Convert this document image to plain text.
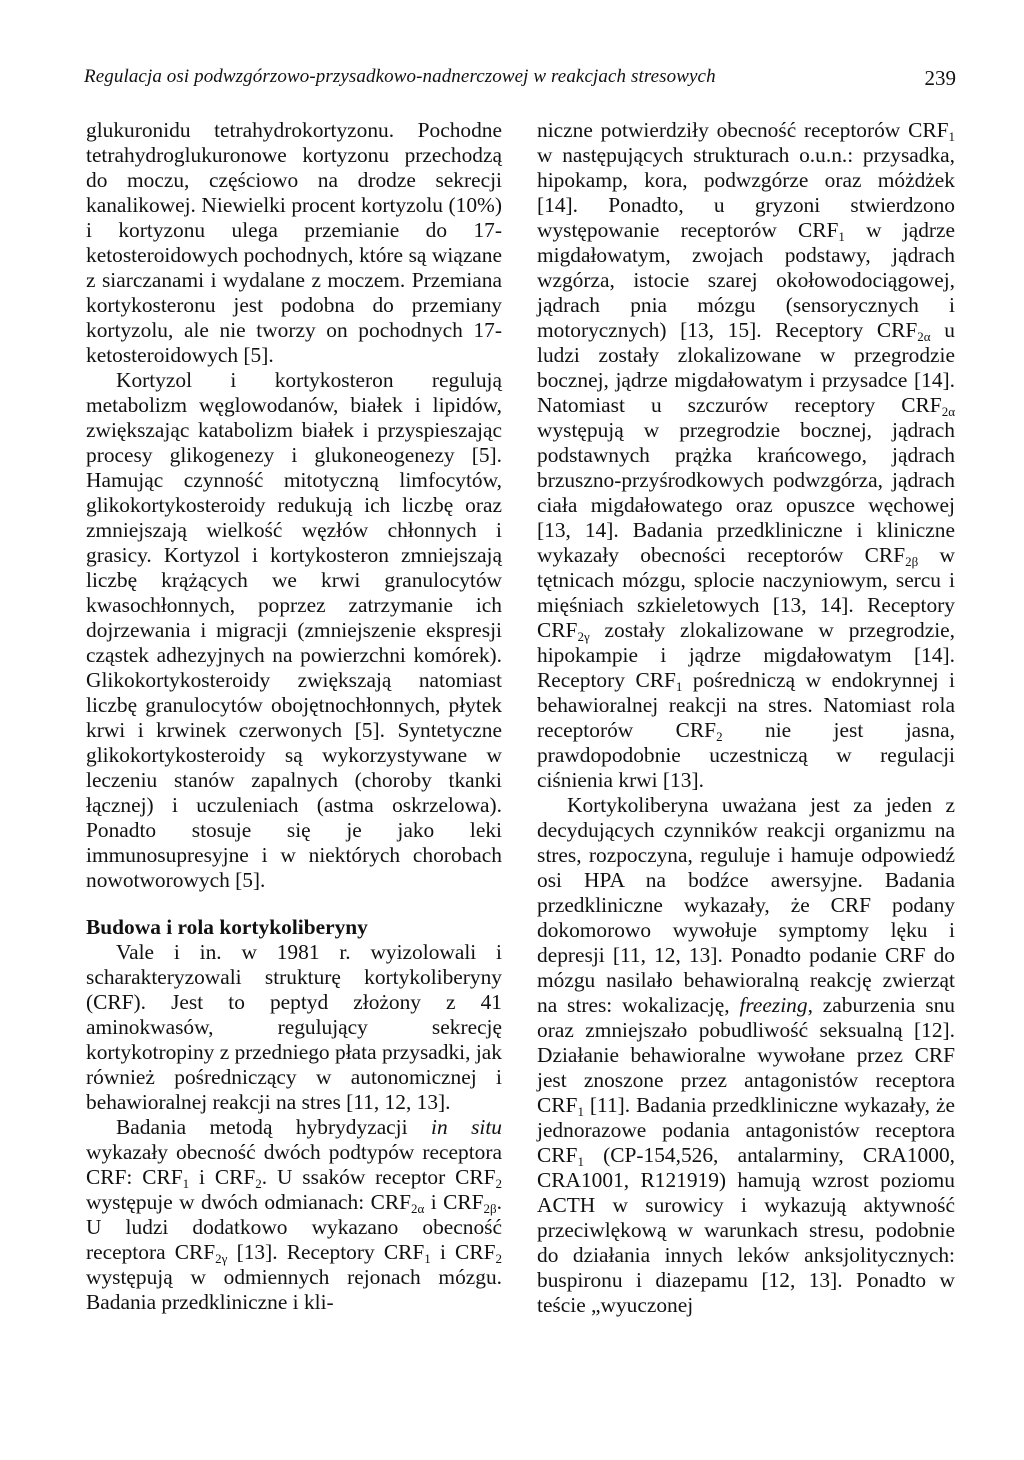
Regulacja osi podwzgórzowo-przysadkowo-nadnerczowej w reakcjach stresowych	239

glukuronidu tetrahydrokortyzonu. Pochodne tetrahydroglukuronowe kortyzonu przechodzą do moczu, częściowo na drodze sekrecji kanalikowej. Niewielki procent kortyzolu (10%) i kortyzonu ulega przemianie do 17-ketosteroidowych pochodnych, które są wiązane z siarczanami i wydalane z moczem. Przemiana kortykosteronu jest podobna do przemiany kortyzolu, ale nie tworzy on pochodnych 17-ketosteroidowych [5].

Kortyzol i kortykosteron regulują metabolizm węglowodanów, białek i lipidów, zwiększając katabolizm białek i przyspieszając procesy glikogenezy i glukoneogenezy [5]. Hamując czynność mitotyczną limfocytów, glikokortykosteroidy redukują ich liczbę oraz zmniejszają wielkość węzłów chłonnych i grasicy. Kortyzol i kortykosteron zmniejszają liczbę krążących we krwi granulocytów kwasochłonnych, poprzez zatrzymanie ich dojrzewania i migracji (zmniejszenie ekspresji cząstek adhezyjnych na powierzchni komórek). Glikokortykosteroidy zwiększają natomiast liczbę granulocytów obojętnochłonnych, płytek krwi i krwinek czerwonych [5]. Syntetyczne glikokortykosteroidy są wykorzystywane w leczeniu stanów zapalnych (choroby tkanki łącznej) i uczuleniach (astma oskrzelowa). Ponadto stosuje się je jako leki immunosupresyjne i w niektórych chorobach nowotworowych [5].

Budowa i rola kortykoliberyny

Vale i in. w 1981 r. wyizolowali i scharakteryzowali strukturę kortykoliberyny (CRF). Jest to peptyd złożony z 41 aminokwasów, regulujący sekrecję kortykotropiny z przedniego płata przysadki, jak również pośredniczący w autonomicznej i behawioralnej reakcji na stres [11, 12, 13].

Badania metodą hybrydyzacji in situ wykazały obecność dwóch podtypów receptora CRF: $CRF_1$ i $CRF_2$. U ssaków receptor $CRF_2$ występuje w dwóch odmianach: $CRF_{2\alpha}$ i $CRF_{2\beta}$. U ludzi dodatkowo wykazano obecność receptora $CRF_{2\gamma}$ [13]. Receptory $CRF_1$ i $CRF_2$ występują w odmiennych rejonach mózgu. Badania przedkliniczne i kli-

niczne potwierdziły obecność receptorów $CRF_1$ w następujących strukturach o.u.n.: przysadka, hipokamp, kora, podwzgórze oraz móżdżek [14]. Ponadto, u gryzoni stwierdzono występowanie receptorów $CRF_1$ w jądrze migdałowatym, zwojach podstawy, jądrach wzgórza, istocie szarej okołowodociągowej, jądrach pnia mózgu (sensorycznych i motorycznych) [13, 15]. Receptory $CRF_{2\alpha}$ u ludzi zostały zlokalizowane w przegrodzie bocznej, jądrze migdałowatym i przysadce [14]. Natomiast u szczurów receptory $CRF_{2\alpha}$ występują w przegrodzie bocznej, jądrach podstawnych prążka krańcowego, jądrach brzuszno-przyśrodkowych podwzgórza, jądrach ciała migdałowatego oraz opuszce węchowej [13, 14]. Badania przedkliniczne i kliniczne wykazały obecności receptorów $CRF_{2\beta}$ w tętnicach mózgu, splocie naczyniowym, sercu i mięśniach szkieletowych [13, 14]. Receptory $CRF_{2\gamma}$ zostały zlokalizowane w przegrodzie, hipokampie i jądrze migdałowatym [14]. Receptory $CRF_1$ pośredniczą w endokrynnej i behawioralnej reakcji na stres. Natomiast rola receptorów $CRF_2$ nie jest jasna, prawdopodobnie uczestniczą w regulacji ciśnienia krwi [13].

Kortykoliberyna uważana jest za jeden z decydujących czynników reakcji organizmu na stres, rozpoczyna, reguluje i hamuje odpowiedź osi HPA na bodźce awersyjne. Badania przedkliniczne wykazały, że CRF podany dokomorowo wywołuje symptomy lęku i depresji [11, 12, 13]. Ponadto podanie CRF do mózgu nasilało behawioralną reakcję zwierząt na stres: wokalizację, freezing, zaburzenia snu oraz zmniejszało pobudliwość seksualną [12]. Działanie behawioralne wywołane przez CRF jest znoszone przez antagonistów receptora $CRF_1$ [11]. Badania przedkliniczne wykazały, że jednorazowe podania antagonistów receptora $CRF_1$ (CP-154,526, antalarminy, CRA1000, CRA1001, R121919) hamują wzrost poziomu ACTH w surowicy i wykazują aktywność przeciwlękową w warunkach stresu, podobnie do działania innych leków anksjolitycznych: buspironu i diazepamu [12, 13]. Ponadto w teście „wyuczonej
